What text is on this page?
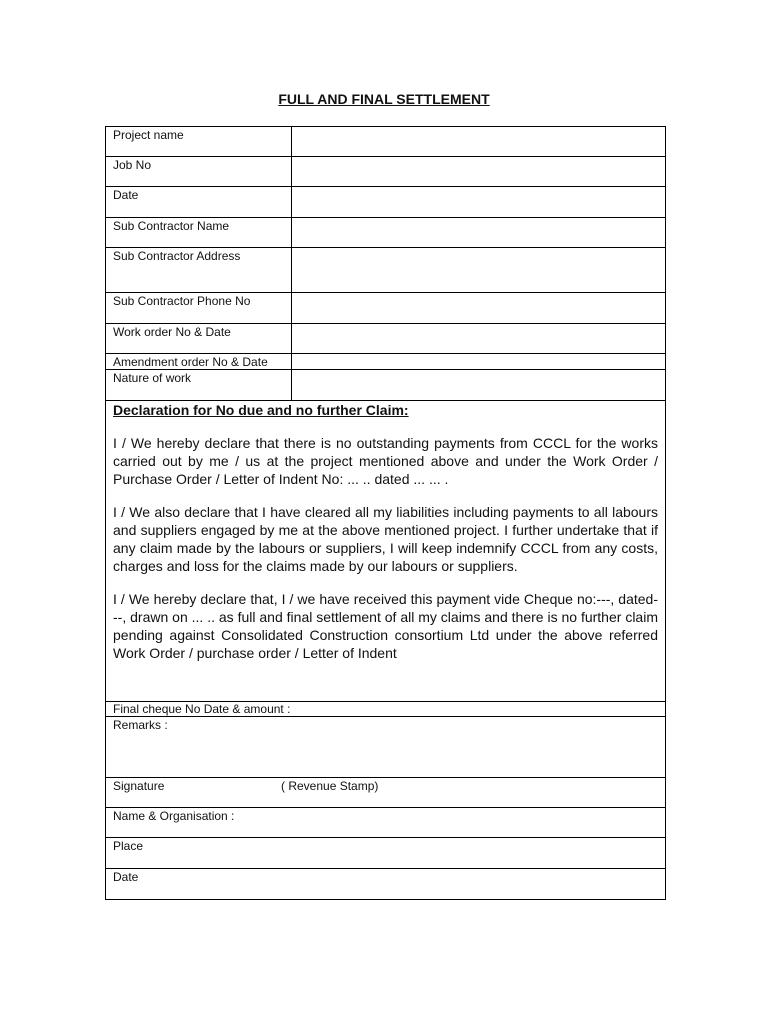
FULL AND FINAL SETTLEMENT
Project name
Job No
Date
Sub Contractor Name
Sub Contractor Address
Sub Contractor Phone No
Work order No & Date
Amendment order No & Date
Nature of work
Declaration for No due and no further Claim:

I / We hereby declare that there is no outstanding payments from CCCL for the works carried out by me / us at the project mentioned above and under the Work Order / Purchase Order / Letter of Indent No: ... .. dated ... ... .

I / We also declare that I have cleared all my liabilities including payments to all labours and suppliers engaged by me at the above mentioned project. I further undertake that if any claim made by the labours or suppliers, I will keep indemnify CCCL from any costs, charges and loss for the claims made by our labours or suppliers.

I / We hereby declare that, I / we have received this payment vide Cheque no:---, dated---, drawn on ... .. as full and final settlement of all my claims and there is no further claim pending against Consolidated Construction consortium Ltd under the above referred Work Order / purchase order / Letter of Indent

Final cheque No Date & amount :
Remarks :
Signature	( Revenue Stamp)
Name & Organisation :
Place
Date
